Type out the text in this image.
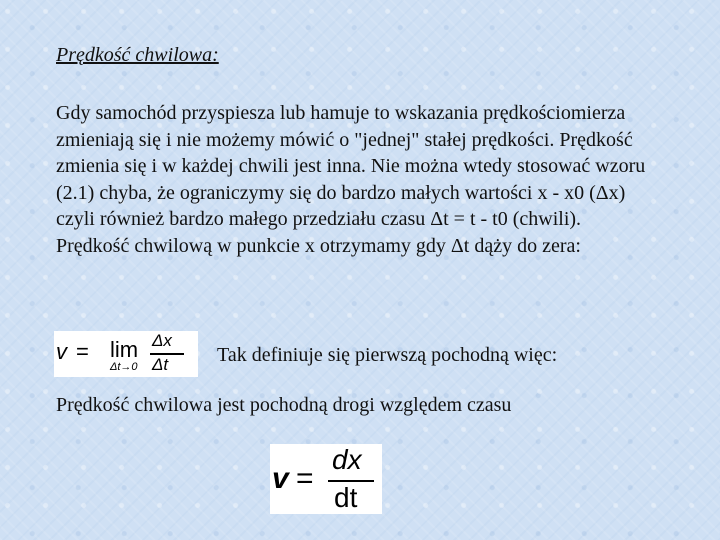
Prędkość chwilowa:
Gdy samochód przyspiesza lub hamuje to wskazania prędkościomierza zmieniają się i nie możemy mówić o "jednej" stałej prędkości. Prędkość zmienia się i w każdej chwili jest inna. Nie można wtedy stosować wzoru (2.1) chyba, że ograniczymy się do bardzo małych wartości x - x0 (Δx) czyli również bardzo małego przedziału czasu Δt = t - t0 (chwili). Prędkość chwilową w punkcie x otrzymamy gdy Δt dąży do zera:
v = lim
Δt→0
Δx
Δt Tak definiuje się pierwszą pochodną więc:
Prędkość chwilowa jest pochodną drogi względem czasu
v =
dx
dt
